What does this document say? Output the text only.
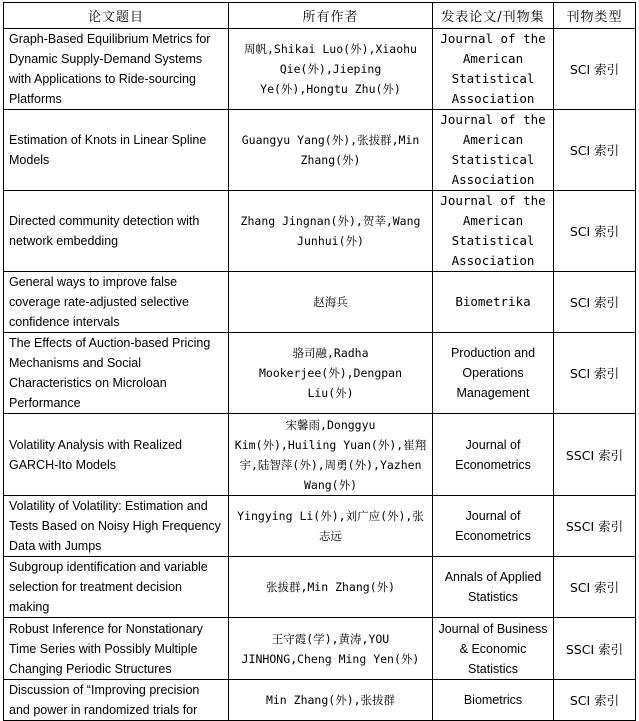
论文题目	所有作者	发表论文/刊物集	刊物类型
Graph-Based Equilibrium Metrics for Dynamic Supply-Demand Systems with Applications to Ride-sourcing Platforms	周帆,Shikai Luo(外),Xiaohu Qie(外),Jieping Ye(外),Hongtu Zhu(外)	Journal of the American Statistical Association	SCI 索引
Estimation of Knots in Linear Spline Models	Guangyu Yang(外),张拔群,Min Zhang(外)	Journal of the American Statistical Association	SCI 索引
Directed community detection with network embedding	Zhang Jingnan(外),贺莘,Wang Junhui(外)	Journal of the American Statistical Association	SCI 索引
General ways to improve false coverage rate-adjusted selective confidence intervals	赵海兵	Biometrika	SCI 索引
The Effects of Auction-based Pricing Mechanisms and Social Characteristics on Microloan Performance	骆司融,Radha Mookerjee(外),Dengpan Liu(外)	Production and Operations Management	SCI 索引
Volatility Analysis with Realized GARCH-Ito Models	宋馨雨,Donggyu Kim(外),Huiling Yuan(外),崔翔宇,陆智萍(外),周勇(外),Yazhen Wang(外)	Journal of Econometrics	SSCI 索引
Volatility of Volatility: Estimation and Tests Based on Noisy High Frequency Data with Jumps	Yingying Li(外),刘广应(外),张志远	Journal of Econometrics	SSCI 索引
Subgroup identification and variable selection for treatment decision making	张拔群,Min Zhang(外)	Annals of Applied Statistics	SCI 索引
Robust Inference for Nonstationary Time Series with Possibly Multiple Changing Periodic Structures	王守霞(学),黄涛,YOU JINHONG,Cheng Ming Yen(外)	Journal of Business & Economic Statistics	SSCI 索引
Discussion of “Improving precision and power in randomized trials for	Min Zhang(外),张拔群	Biometrics	SCI 索引
